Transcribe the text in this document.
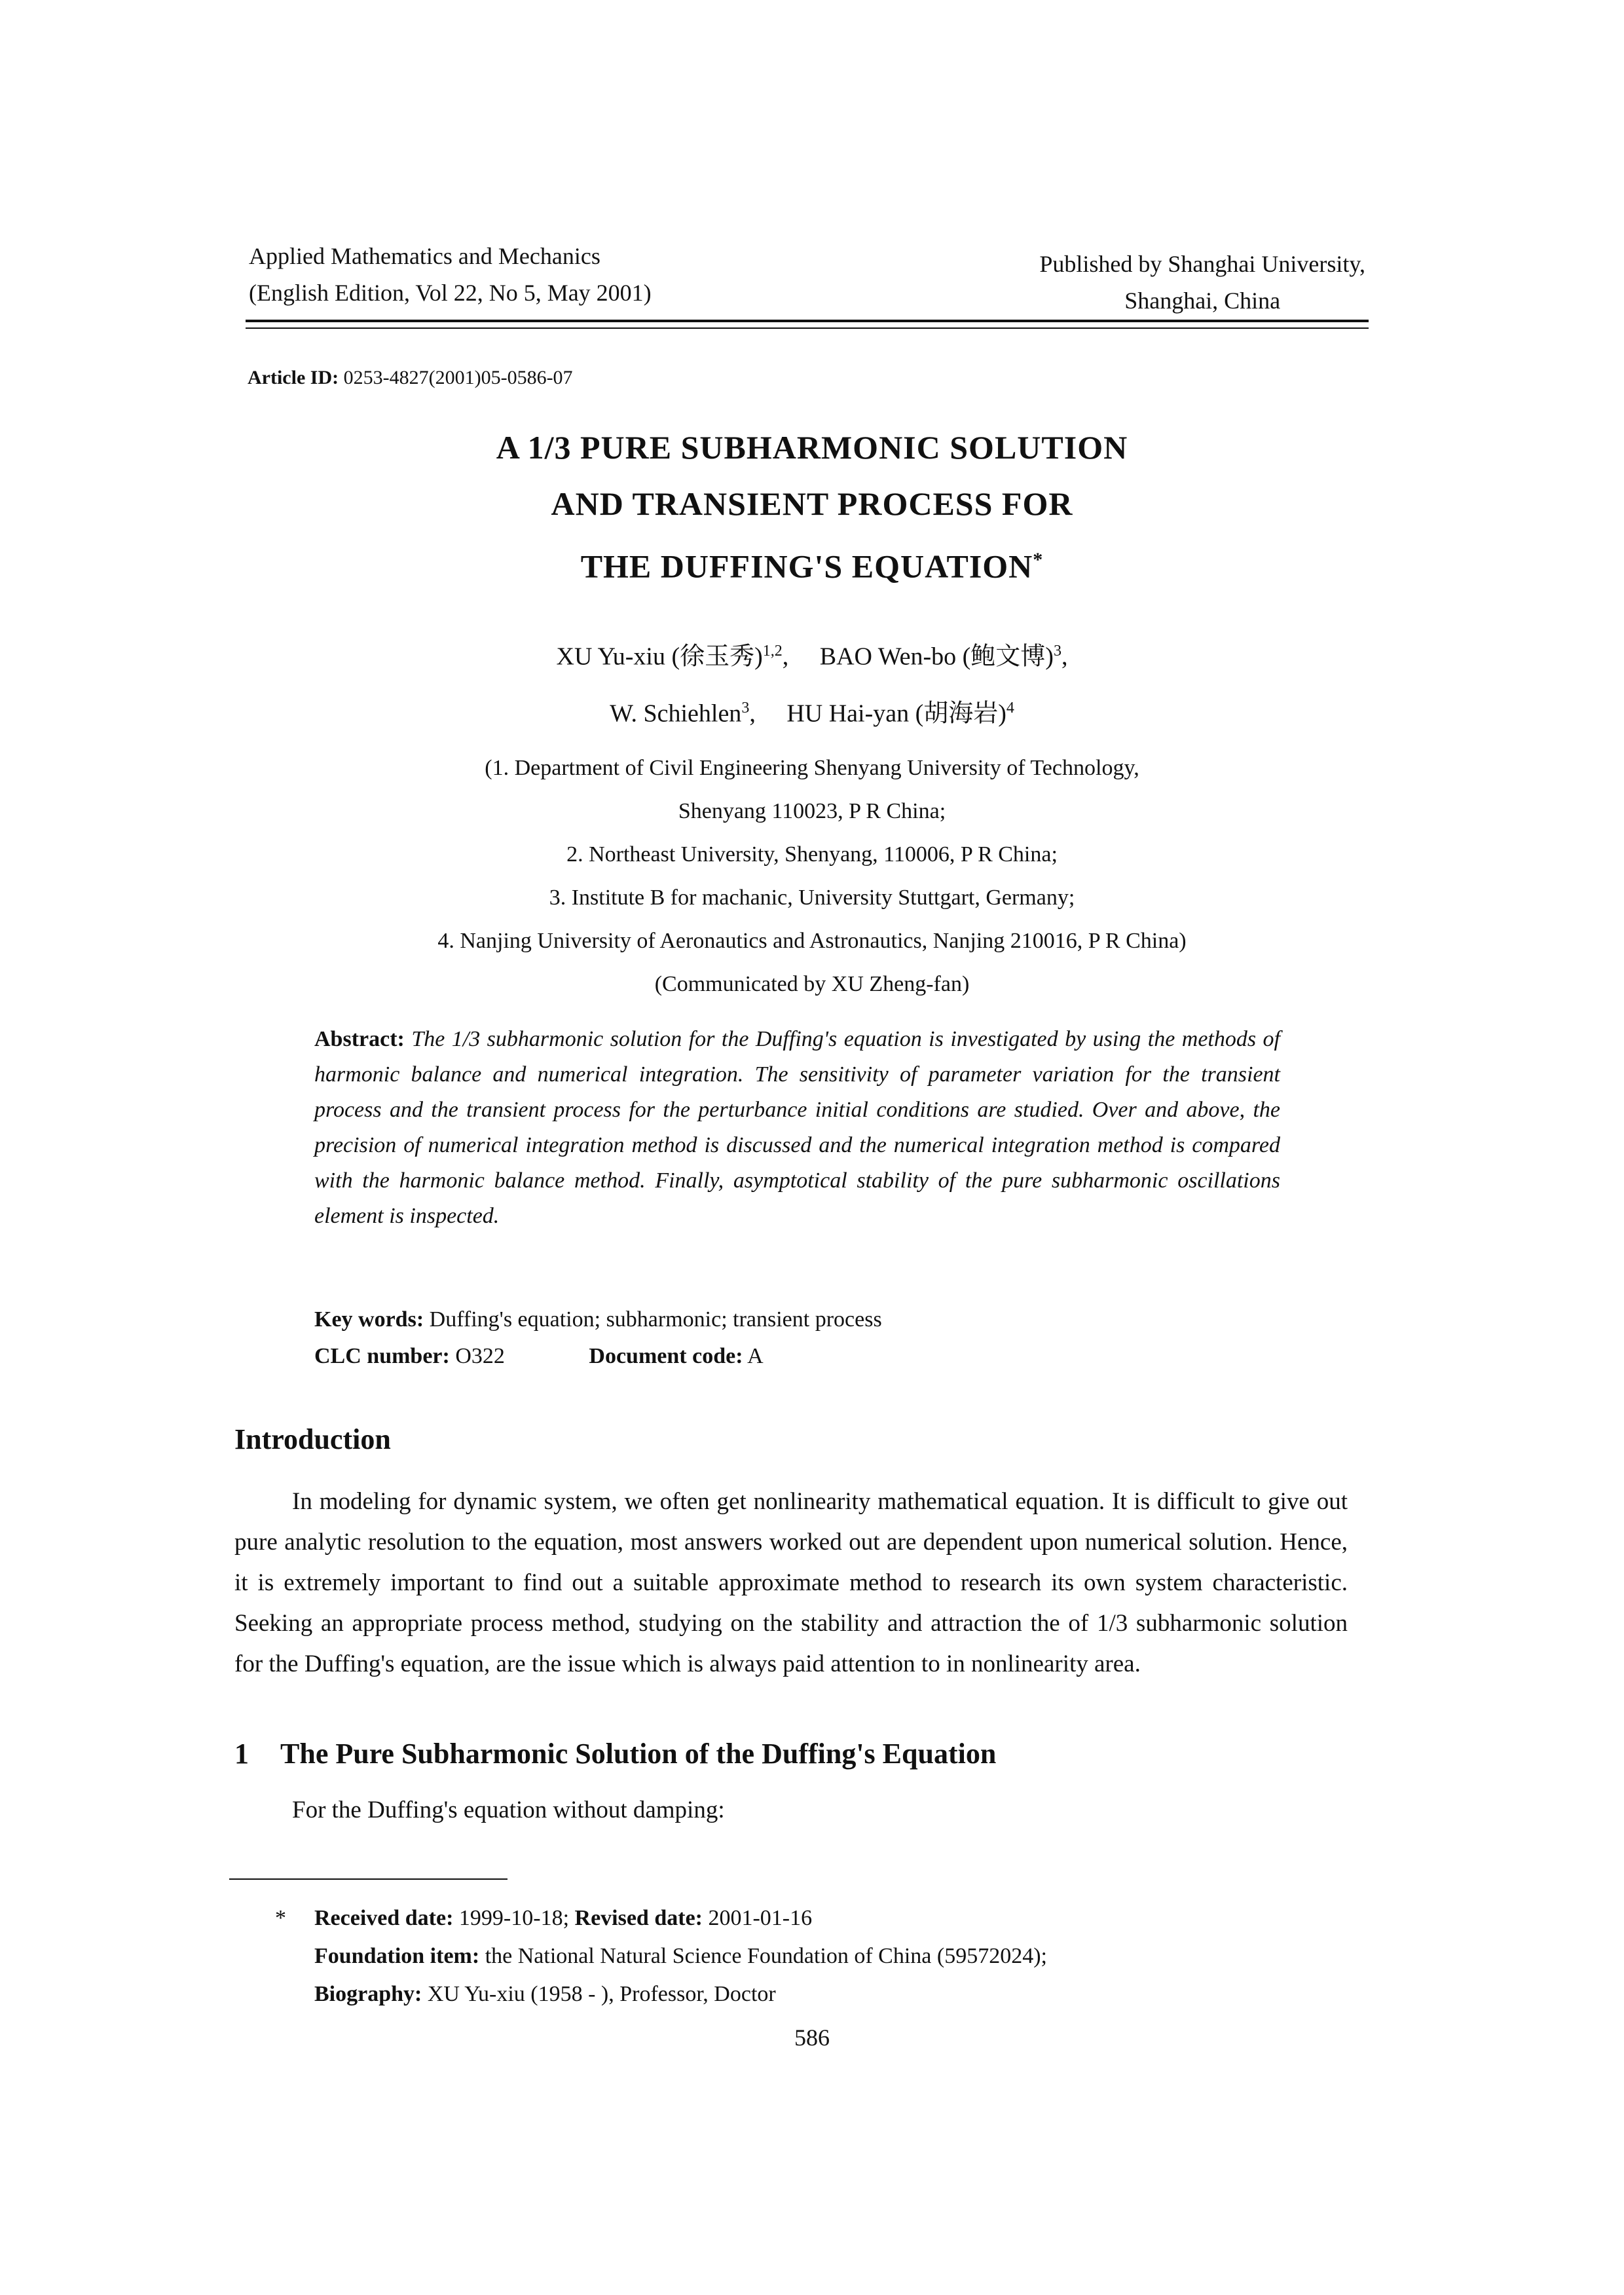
Applied Mathematics and Mechanics
(English Edition, Vol 22, No 5, May 2001)
Published by Shanghai University,
Shanghai, China
Article ID: 0253-4827(2001)05-0586-07
A 1/3 PURE SUBHARMONIC SOLUTION
AND TRANSIENT PROCESS FOR
THE DUFFING'S EQUATION*
XU Yu-xiu (徐玉秀)$^{1,2}$,     BAO Wen-bo (鲍文博)$^3$,
W. Schiehlen$^3$,     HU Hai-yan (胡海岩)$^4$
(1. Department of Civil Engineering Shenyang University of Technology,
Shenyang 110023, P R China;
2. Northeast University, Shenyang, 110006, P R China;
3. Institute B for machanic, University Stuttgart, Germany;
4. Nanjing University of Aeronautics and Astronautics, Nanjing 210016, P R China)
(Communicated by XU Zheng-fan)
Abstract: The 1/3 subharmonic solution for the Duffing's equation is investigated by using the methods of harmonic balance and numerical integration. The sensitivity of parameter variation for the transient process and the transient process for the perturbance initial conditions are studied. Over and above, the precision of numerical integration method is discussed and the numerical integration method is compared with the harmonic balance method. Finally, asymptotical stability of the pure subharmonic oscillations element is inspected.
Key words: Duffing's equation; subharmonic; transient process
CLC number: O322	Document code: A
Introduction
In modeling for dynamic system, we often get nonlinearity mathematical equation. It is difficult to give out pure analytic resolution to the equation, most answers worked out are dependent upon numerical solution. Hence, it is extremely important to find out a suitable approximate method to research its own system characteristic. Seeking an appropriate process method, studying on the stability and attraction the of 1/3 subharmonic solution for the Duffing's equation, are the issue which is always paid attention to in nonlinearity area.
1 The Pure Subharmonic Solution of the Duffing's Equation
For the Duffing's equation without damping:
* Received date: 1999-10-18; Revised date: 2001-01-16
Foundation item: the National Natural Science Foundation of China (59572024);
Biography: XU Yu-xiu (1958 - ), Professor, Doctor
586
